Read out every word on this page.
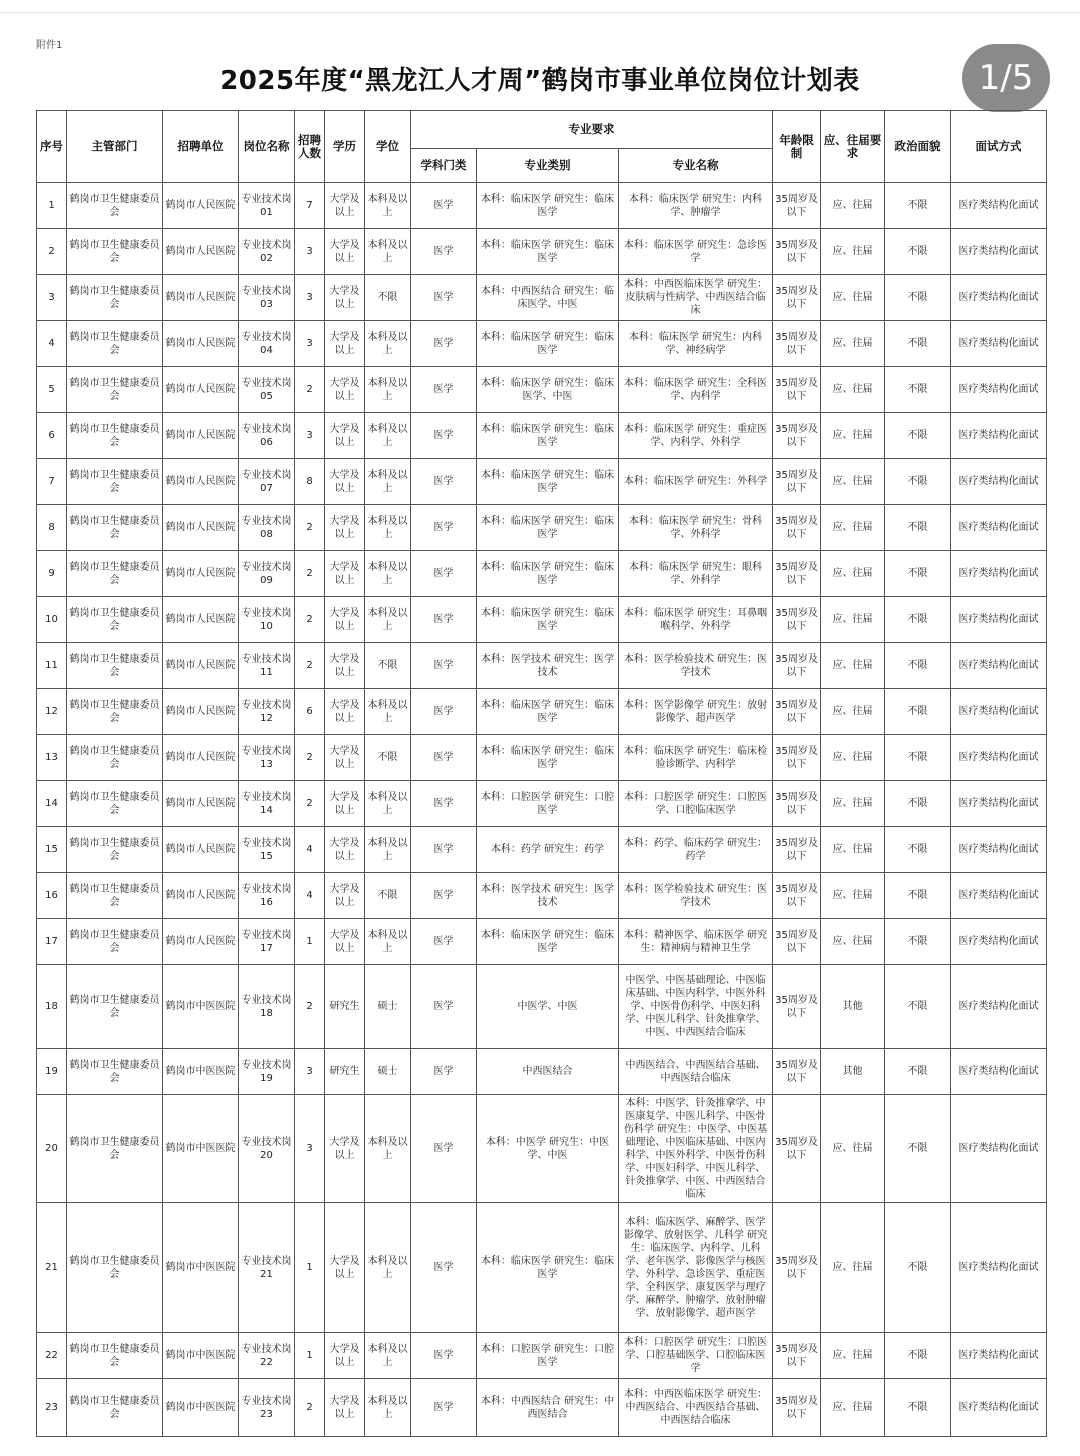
附件1
2025年度“黑龙江人才周”鹤岗市事业单位岗位计划表	1/5
序号	主管部门	招聘单位	岗位名称	招聘人数	学历	学位	专业要求			年龄限制	应、往届要求	政治面貌	面试方式
							学科门类	专业类别	专业名称				
1	鹤岗市卫生健康委员会	鹤岗市人民医院	专业技术岗01	7	大学及以上	本科及以上	医学	本科：临床医学 研究生：临床医学	本科：临床医学 研究生：内科学、肿瘤学	35周岁及以下	应、往届	不限	医疗类结构化面试
2	鹤岗市卫生健康委员会	鹤岗市人民医院	专业技术岗02	3	大学及以上	本科及以上	医学	本科：临床医学 研究生：临床医学	本科：临床医学 研究生：急诊医学	35周岁及以下	应、往届	不限	医疗类结构化面试
3	鹤岗市卫生健康委员会	鹤岗市人民医院	专业技术岗03	3	大学及以上	不限	医学	本科：中西医结合 研究生：临床医学、中医	本科：中西医临床医学 研究生：皮肤病与性病学、中西医结合临床	35周岁及以下	应、往届	不限	医疗类结构化面试
4	鹤岗市卫生健康委员会	鹤岗市人民医院	专业技术岗04	3	大学及以上	本科及以上	医学	本科：临床医学 研究生：临床医学	本科：临床医学 研究生：内科学、神经病学	35周岁及以下	应、往届	不限	医疗类结构化面试
5	鹤岗市卫生健康委员会	鹤岗市人民医院	专业技术岗05	2	大学及以上	本科及以上	医学	本科：临床医学 研究生：临床医学、中医	本科：临床医学 研究生：全科医学、内科学	35周岁及以下	应、往届	不限	医疗类结构化面试
6	鹤岗市卫生健康委员会	鹤岗市人民医院	专业技术岗06	3	大学及以上	本科及以上	医学	本科：临床医学 研究生：临床医学	本科：临床医学 研究生：重症医学、内科学、外科学	35周岁及以下	应、往届	不限	医疗类结构化面试
7	鹤岗市卫生健康委员会	鹤岗市人民医院	专业技术岗07	8	大学及以上	本科及以上	医学	本科：临床医学 研究生：临床医学	本科：临床医学 研究生：外科学	35周岁及以下	应、往届	不限	医疗类结构化面试
8	鹤岗市卫生健康委员会	鹤岗市人民医院	专业技术岗08	2	大学及以上	本科及以上	医学	本科：临床医学 研究生：临床医学	本科：临床医学 研究生：骨科学、外科学	35周岁及以下	应、往届	不限	医疗类结构化面试
9	鹤岗市卫生健康委员会	鹤岗市人民医院	专业技术岗09	2	大学及以上	本科及以上	医学	本科：临床医学 研究生：临床医学	本科：临床医学 研究生：眼科学、外科学	35周岁及以下	应、往届	不限	医疗类结构化面试
10	鹤岗市卫生健康委员会	鹤岗市人民医院	专业技术岗10	2	大学及以上	本科及以上	医学	本科：临床医学 研究生：临床医学	本科：临床医学 研究生：耳鼻咽喉科学、外科学	35周岁及以下	应、往届	不限	医疗类结构化面试
11	鹤岗市卫生健康委员会	鹤岗市人民医院	专业技术岗11	2	大学及以上	不限	医学	本科：医学技术 研究生：医学技术	本科：医学检验技术 研究生：医学技术	35周岁及以下	应、往届	不限	医疗类结构化面试
12	鹤岗市卫生健康委员会	鹤岗市人民医院	专业技术岗12	6	大学及以上	本科及以上	医学	本科：临床医学 研究生：临床医学	本科：医学影像学 研究生：放射影像学、超声医学	35周岁及以下	应、往届	不限	医疗类结构化面试
13	鹤岗市卫生健康委员会	鹤岗市人民医院	专业技术岗13	2	大学及以上	不限	医学	本科：临床医学 研究生：临床医学	本科：临床医学 研究生：临床检验诊断学、内科学	35周岁及以下	应、往届	不限	医疗类结构化面试
14	鹤岗市卫生健康委员会	鹤岗市人民医院	专业技术岗14	2	大学及以上	本科及以上	医学	本科：口腔医学 研究生：口腔医学	本科：口腔医学 研究生：口腔医学、口腔临床医学	35周岁及以下	应、往届	不限	医疗类结构化面试
15	鹤岗市卫生健康委员会	鹤岗市人民医院	专业技术岗15	4	大学及以上	本科及以上	医学	本科：药学 研究生：药学	本科：药学、临床药学 研究生：药学	35周岁及以下	应、往届	不限	医疗类结构化面试
16	鹤岗市卫生健康委员会	鹤岗市人民医院	专业技术岗16	4	大学及以上	不限	医学	本科：医学技术 研究生：医学技术	本科：医学检验技术 研究生：医学技术	35周岁及以下	应、往届	不限	医疗类结构化面试
17	鹤岗市卫生健康委员会	鹤岗市人民医院	专业技术岗17	1	大学及以上	本科及以上	医学	本科：临床医学 研究生：临床医学	本科：精神医学、临床医学 研究生：精神病与精神卫生学	35周岁及以下	应、往届	不限	医疗类结构化面试
18	鹤岗市卫生健康委员会	鹤岗市中医医院	专业技术岗18	2	研究生	硕士	医学	中医学、中医	中医学、中医基础理论、中医临床基础、中医内科学、中医外科学、中医骨伤科学、中医妇科学、中医儿科学、针灸推拿学、中医、中西医结合临床	35周岁及以下	其他	不限	医疗类结构化面试
19	鹤岗市卫生健康委员会	鹤岗市中医医院	专业技术岗19	3	研究生	硕士	医学	中西医结合	中西医结合、中西医结合基础、中西医结合临床	35周岁及以下	其他	不限	医疗类结构化面试
20	鹤岗市卫生健康委员会	鹤岗市中医医院	专业技术岗20	3	大学及以上	本科及以上	医学	本科：中医学 研究生：中医学、中医	本科：中医学、针灸推拿学、中医康复学、中医儿科学、中医骨伤科学 研究生：中医学、中医基础理论、中医临床基础、中医内科学、中医外科学、中医骨伤科学、中医妇科学、中医儿科学、针灸推拿学、中医、中西医结合临床	35周岁及以下	应、往届	不限	医疗类结构化面试
21	鹤岗市卫生健康委员会	鹤岗市中医医院	专业技术岗21	1	大学及以上	本科及以上	医学	本科：临床医学 研究生：临床医学	本科：临床医学、麻醉学、医学影像学、放射医学、儿科学 研究生：临床医学、内科学、儿科学、老年医学、影像医学与核医学、外科学、急诊医学、重症医学、全科医学、康复医学与理疗学、麻醉学、肿瘤学、放射肿瘤学、放射影像学、超声医学	35周岁及以下	应、往届	不限	医疗类结构化面试
22	鹤岗市卫生健康委员会	鹤岗市中医医院	专业技术岗22	1	大学及以上	本科及以上	医学	本科：口腔医学 研究生：口腔医学	本科：口腔医学 研究生：口腔医学、口腔基础医学、口腔临床医学	35周岁及以下	应、往届	不限	医疗类结构化面试
23	鹤岗市卫生健康委员会	鹤岗市中医医院	专业技术岗23	2	大学及以上	本科及以上	医学	本科：中西医结合 研究生：中西医结合	本科：中西医临床医学 研究生：中西医结合、中西医结合基础、中西医结合临床	35周岁及以下	应、往届	不限	医疗类结构化面试
